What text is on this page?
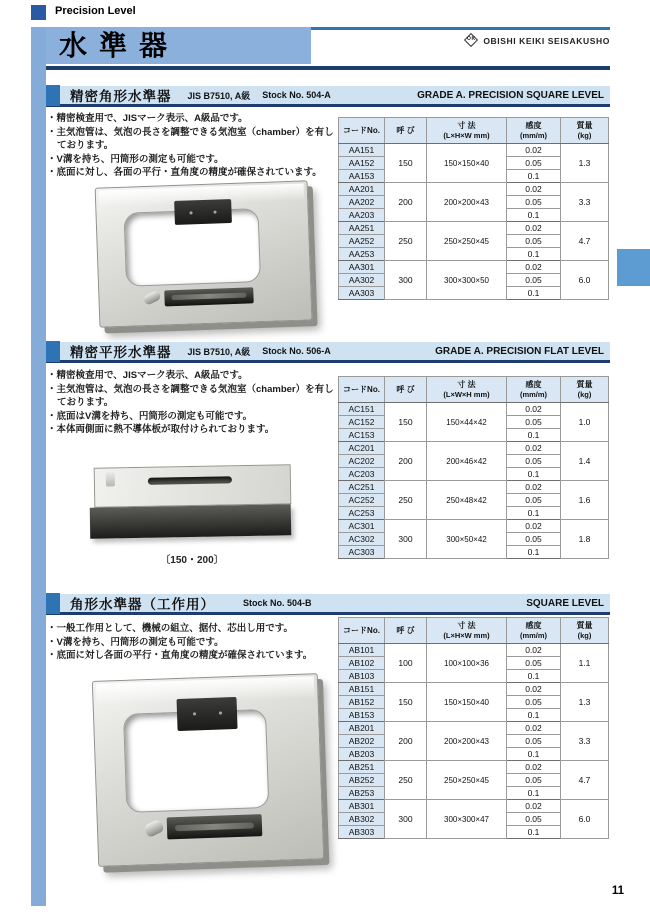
Precision Level
水準器	OK OBISHI KEIKI SEISAKUSHO
精密角形水準器 JIS B7510, A級 Stock No. 504-A	GRADE A. PRECISION SQUARE LEVEL
・精密検査用で、JISマーク表示、A級品です。
・主気泡管は、気泡の長さを調整できる気泡室（chamber）を有しております。
・V溝を持ち、円筒形の測定も可能です。
・底面に対し、各面の平行・直角度の精度が確保されています。
コードNo.	呼 び

寸 法
(L×H×W mm)

感度
(mm/m)

質量
(kg)

AA151	150	150×150×40	0.02	1.3
AA152			0.05	
AA153			0.1	
AA201	200	200×200×43	0.02	3.3
AA202			0.05	
AA203			0.1	
AA251	250	250×250×45	0.02	4.7
AA252			0.05	
AA253			0.1	
AA301	300	300×300×50	0.02	6.0
AA302			0.05	
AA303			0.1	
精密平形水準器 JIS B7510, A級 Stock No. 506-A	GRADE A. PRECISION FLAT LEVEL
・精密検査用で、JISマーク表示、A級品です。
・主気泡管は、気泡の長さを調整できる気泡室（chamber）を有しております。
・底面はV溝を持ち、円筒形の測定も可能です。
・本体両側面に熱不導体板が取付けられております。
〔150・200〕
コードNo.	呼 び

寸 法
(L×W×H mm)

感度
(mm/m)

質量
(kg)

AC151	150	150×44×42	0.02	1.0
AC152			0.05	
AC153			0.1	
AC201	200	200×46×42	0.02	1.4
AC202			0.05	
AC203			0.1	
AC251	250	250×48×42	0.02	1.6
AC252			0.05	
AC253			0.1	
AC301	300	300×50×42	0.02	1.8
AC302			0.05	
AC303			0.1	
角形水準器（工作用）	Stock No. 504-B	SQUARE LEVEL
・一般工作用として、機械の組立、据付、芯出し用です。
・V溝を持ち、円筒形の測定も可能です。
・底面に対し各面の平行・直角度の精度が確保されています。
コードNo.	呼 び

寸 法
(L×H×W mm)

感度
(mm/m)

質量
(kg)

AB101	100	100×100×36	0.02	1.1
AB102			0.05	
AB103			0.1	
AB151	150	150×150×40	0.02	1.3
AB152			0.05	
AB153			0.1	
AB201	200	200×200×43	0.02	3.3
AB202			0.05	
AB203			0.1	
AB251	250	250×250×45	0.02	4.7
AB252			0.05	
AB253			0.1	
AB301	300	300×300×47	0.02	6.0
AB302			0.05	
AB303			0.1	
11
